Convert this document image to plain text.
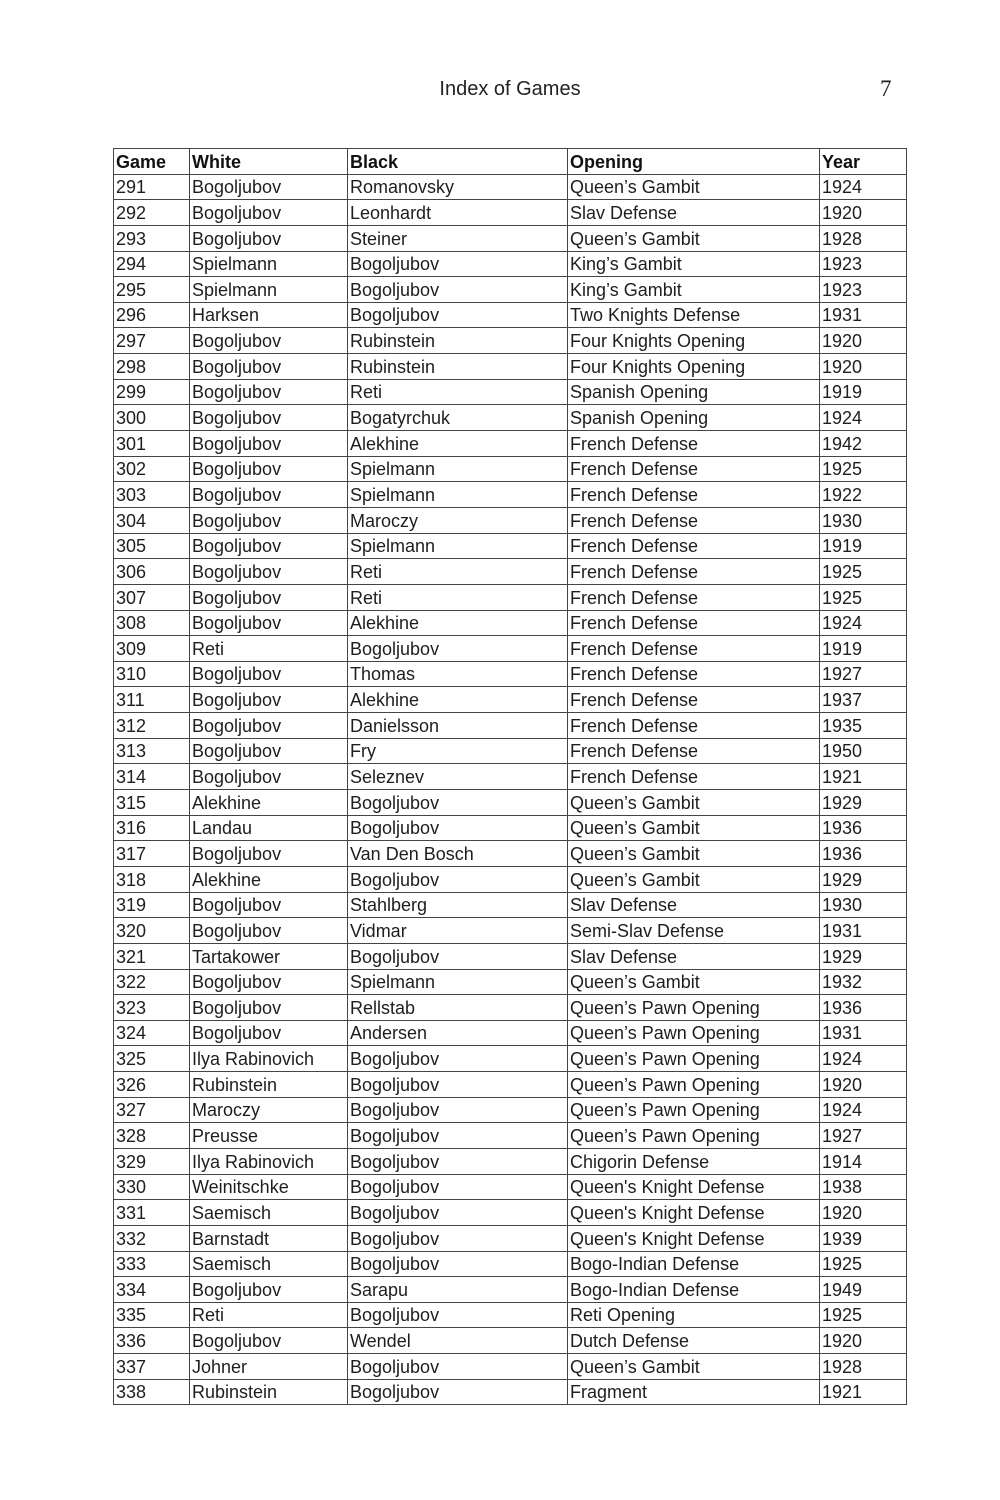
Index of Games	7
Game	White	Black	Opening	Year
291	Bogoljubov	Romanovsky	Queen’s Gambit	1924
292	Bogoljubov	Leonhardt	Slav Defense	1920
293	Bogoljubov	Steiner	Queen’s Gambit	1928
294	Spielmann	Bogoljubov	King’s Gambit	1923
295	Spielmann	Bogoljubov	King’s Gambit	1923
296	Harksen	Bogoljubov	Two Knights Defense	1931
297	Bogoljubov	Rubinstein	Four Knights Opening	1920
298	Bogoljubov	Rubinstein	Four Knights Opening	1920
299	Bogoljubov	Reti	Spanish Opening	1919
300	Bogoljubov	Bogatyrchuk	Spanish Opening	1924
301	Bogoljubov	Alekhine	French Defense	1942
302	Bogoljubov	Spielmann	French Defense	1925
303	Bogoljubov	Spielmann	French Defense	1922
304	Bogoljubov	Maroczy	French Defense	1930
305	Bogoljubov	Spielmann	French Defense	1919
306	Bogoljubov	Reti	French Defense	1925
307	Bogoljubov	Reti	French Defense	1925
308	Bogoljubov	Alekhine	French Defense	1924
309	Reti	Bogoljubov	French Defense	1919
310	Bogoljubov	Thomas	French Defense	1927
311	Bogoljubov	Alekhine	French Defense	1937
312	Bogoljubov	Danielsson	French Defense	1935
313	Bogoljubov	Fry	French Defense	1950
314	Bogoljubov	Seleznev	French Defense	1921
315	Alekhine	Bogoljubov	Queen’s Gambit	1929
316	Landau	Bogoljubov	Queen’s Gambit	1936
317	Bogoljubov	Van Den Bosch	Queen’s Gambit	1936
318	Alekhine	Bogoljubov	Queen’s Gambit	1929
319	Bogoljubov	Stahlberg	Slav Defense	1930
320	Bogoljubov	Vidmar	Semi-Slav Defense	1931
321	Tartakower	Bogoljubov	Slav Defense	1929
322	Bogoljubov	Spielmann	Queen’s Gambit	1932
323	Bogoljubov	Rellstab	Queen’s Pawn Opening	1936
324	Bogoljubov	Andersen	Queen’s Pawn Opening	1931
325	Ilya Rabinovich	Bogoljubov	Queen’s Pawn Opening	1924
326	Rubinstein	Bogoljubov	Queen’s Pawn Opening	1920
327	Maroczy	Bogoljubov	Queen’s Pawn Opening	1924
328	Preusse	Bogoljubov	Queen’s Pawn Opening	1927
329	Ilya Rabinovich	Bogoljubov	Chigorin Defense	1914
330	Weinitschke	Bogoljubov	Queen's Knight Defense	1938
331	Saemisch	Bogoljubov	Queen's Knight Defense	1920
332	Barnstadt	Bogoljubov	Queen's Knight Defense	1939
333	Saemisch	Bogoljubov	Bogo-Indian Defense	1925
334	Bogoljubov	Sarapu	Bogo-Indian Defense	1949
335	Reti	Bogoljubov	Reti Opening	1925
336	Bogoljubov	Wendel	Dutch Defense	1920
337	Johner	Bogoljubov	Queen’s Gambit	1928
338	Rubinstein	Bogoljubov	Fragment	1921
